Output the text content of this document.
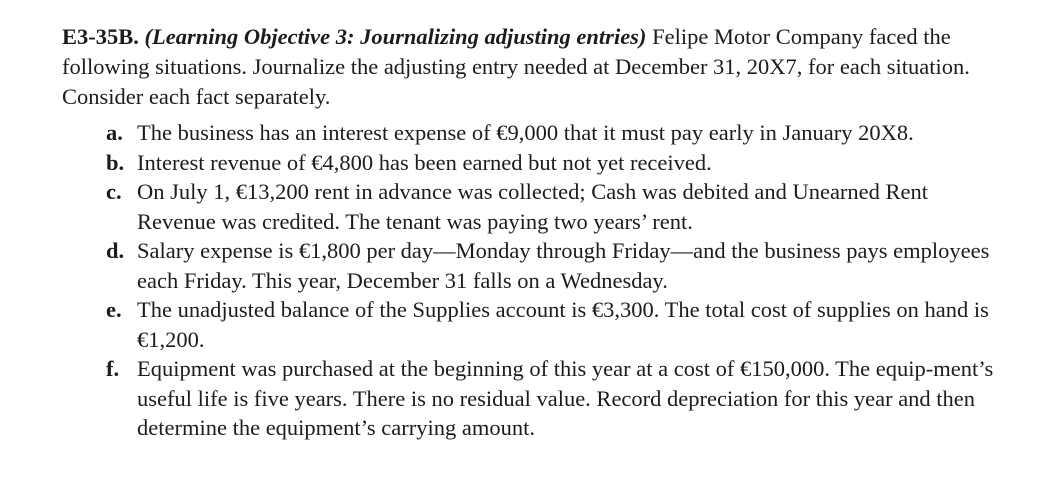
E3-35B. (Learning Objective 3: Journalizing adjusting entries) Felipe Motor Company faced the following situations. Journalize the adjusting entry needed at December 31, 20X7, for each situation. Consider each fact separately.

a. The business has an interest expense of €9,000 that it must pay early in January 20X8.
b. Interest revenue of €4,800 has been earned but not yet received.
c. On July 1, €13,200 rent in advance was collected; Cash was debited and Unearned Rent Revenue was credited. The tenant was paying two years’ rent.
d. Salary expense is €1,800 per day—Monday through Friday—and the business pays employees each Friday. This year, December 31 falls on a Wednesday.
e. The unadjusted balance of the Supplies account is €3,300. The total cost of supplies on hand is €1,200.
f. Equipment was purchased at the beginning of this year at a cost of €150,000. The equip-ment’s useful life is five years. There is no residual value. Record depreciation for this year and then determine the equipment’s carrying amount.
